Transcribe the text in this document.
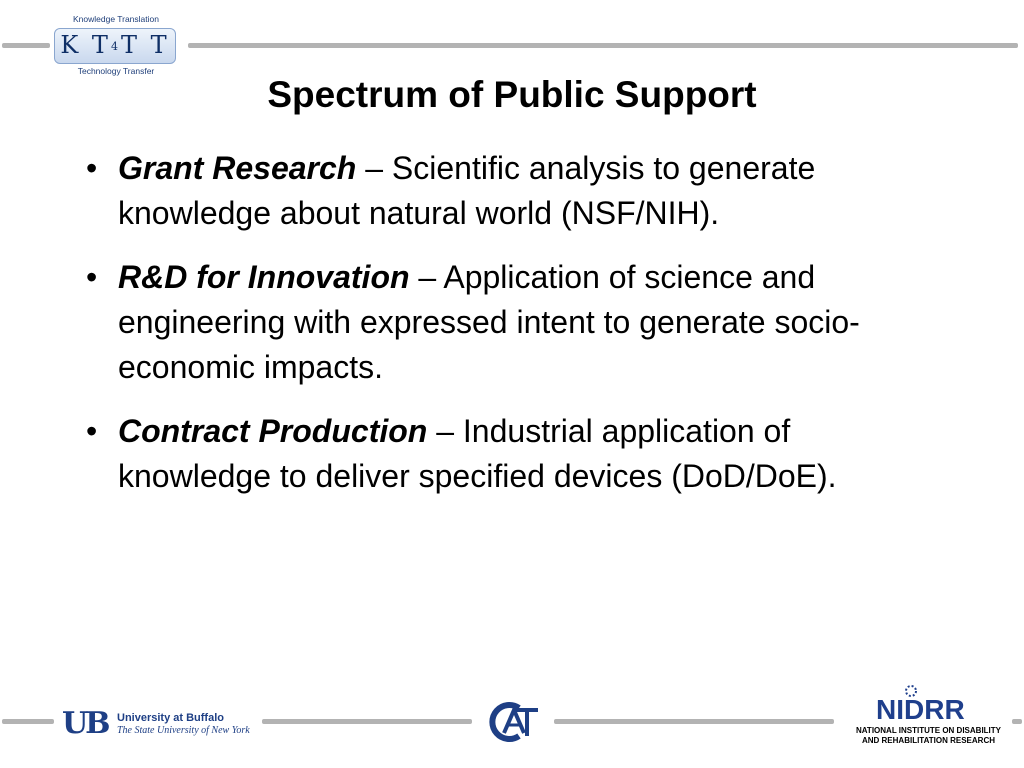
Knowledge Translation
K T4T T
Technology Transfer
Spectrum of Public Support
• Grant Research – Scientific analysis to generate knowledge about natural world (NSF/NIH).
• R&D for Innovation – Application of science and engineering with expressed intent to generate socio-economic impacts.
• Contract Production – Industrial application of knowledge to deliver specified devices (DoD/DoE).
UB University at Buffalo
The State University of New York
NIDRR
NATIONAL INSTITUTE ON DISABILITY
AND REHABILITATION RESEARCH
